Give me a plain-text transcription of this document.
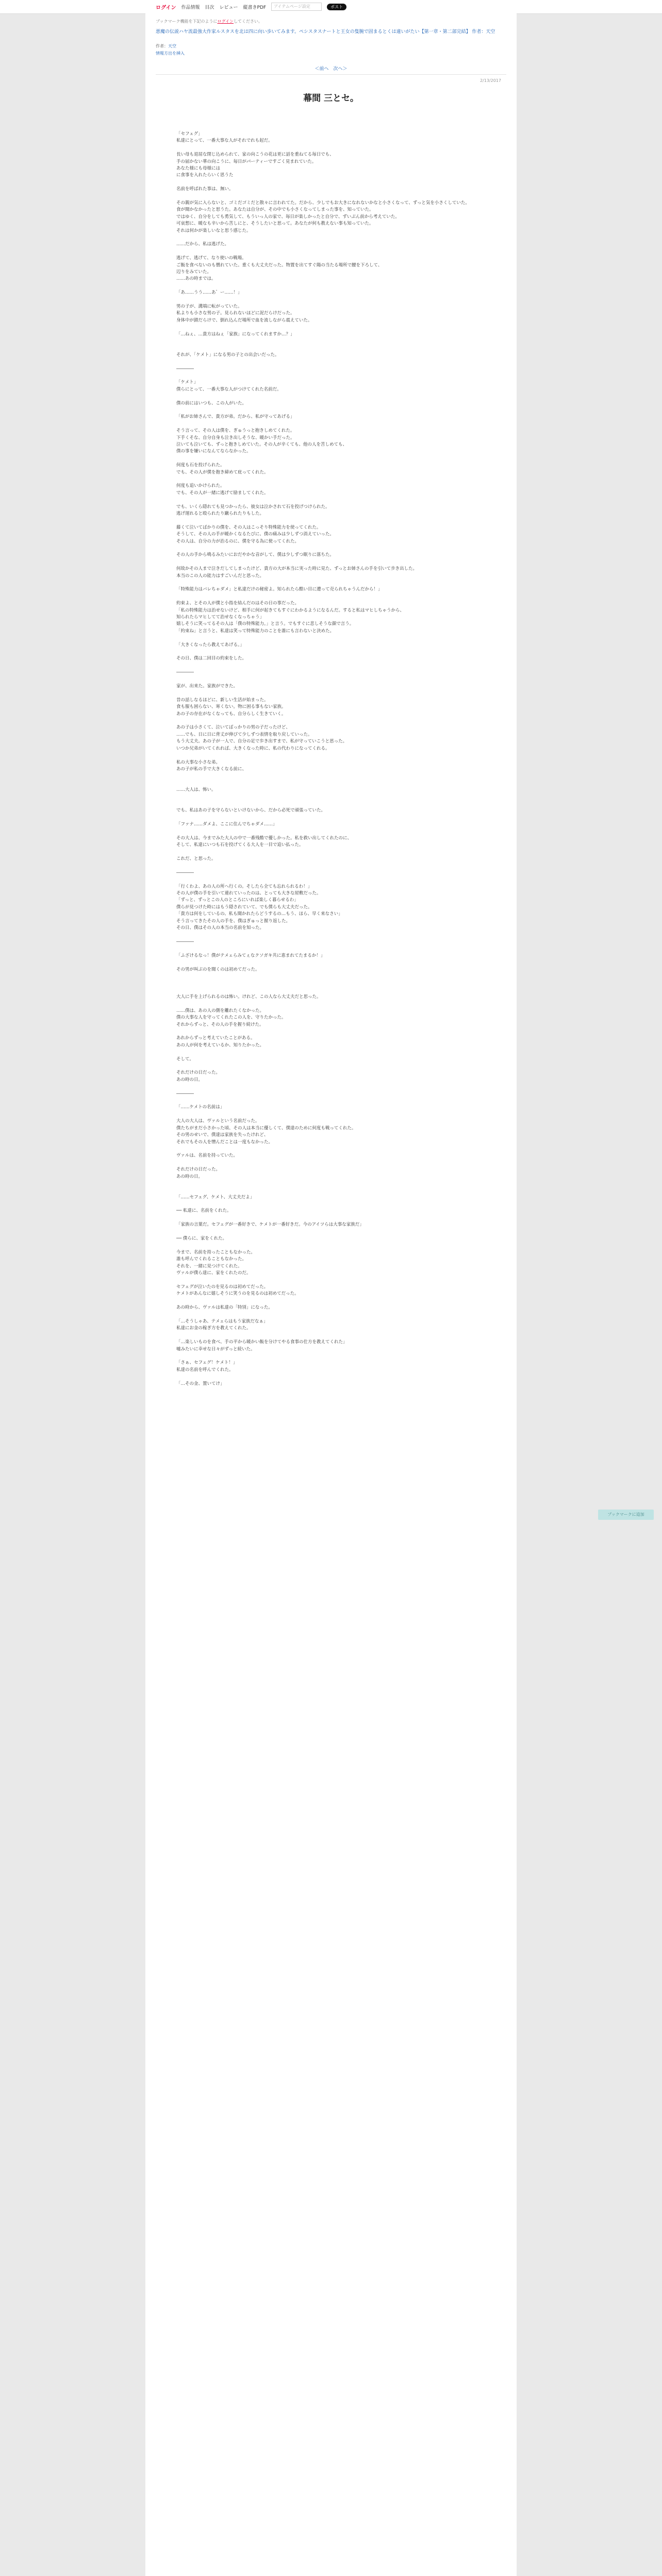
ログイン 作品情報 目次 レビュー 縦書きPDF	アイテムページ設定	ポスト
ブックマーク機能を下記のようにログインしてください。
悪魔の伝説ハヤ流最強大作家ルスタスを北は四に向い歩いてみます。ペシスタスナートと王女の隻腕で固まるとくは違いがたい【第一章・第二部完結】 作者：天空
作者：天空
情報方出を挿入
＜前へ　次へ＞
2/13/2017
幕間 三とセ。

「セフェグ」

私達にとって、一番大事な人がそれでれも起だ。

長い母も退屈な閉じ込められて、家の向こうの花は更に話を重ねてる毎日でも、

手の届かない華の向こうに、毎日がパーティーですごく見まれていた。

あなた様にも母様には

に食事を入れたらいく思うた

名前を呼ばれた事は、無い。

その親が気に入らないと、ゴミだゴミだと散々に言われてた。だから、少しでもお大きになれないかなと小さくなって、ずっと気を小さくしていた。

食が聞かなかったと思うた。あなたは自分が、その中でも小さくなってしまった事を、知っていた。

ではゆく、自分をしても勇気して、もういっ人の家で、毎日が楽しかったと自分で、ずいぶん前から考えていた。

可哀想に、暖なも辛いから苦しにと、そうしたいと思って。あなたが何も教えない事も知っていた。

それは何かが楽しいなと思う感じた。

……だから、私は逃げた。

逃げて、逃げて、なり使いの戦場。

ご飯を食べないのも慣れていた。重くも大丈夫だった。物置を出てすぐ陽の当たる場所で腰を下ろして、

辺りをみていた。

……あの時までは。

「あ……うう……あ゛ー……！」

男の子が、溝端に転がっていた。

私よりも小さな男の子。見られないほどに泥だらけだった。

身体中が錆だらけで、倒れ込んだ場所で血を流しながら震えていた。

「…ねぇ、…貴方はねぇ「家族」になってくれますか…？」

それが、「ケメト」になる男の子との出会いだった。

――――

「ケメト」

僕らにとって、一番大事な人がつけてくれた名前だ。

僕の前にはいつも、この人がいた。

「私がお姉さんで、貴方が弟。だから、私が守ってあげる」

そう言って、その人は僕を、ぎゅうっと抱きしめてくれた。

下手くそな、自分自身も泣き出しそうな、暖かい手だった。

泣いても泣いても、ずっと抱きしめていた。その人が辛くても、他の人を苦しめても、

僕の事を嫌いになんてならなかった。

何度も石を投げられた。

でも、その人が僕を抱き締めて庇ってくれた。

何度も追いかけられた。

でも、その人が一緒に逃げて励ましてくれた。

でも、いくら隠れても見つかったら、彼女は泣かされて石を投げつけられた。

逃げ遅れると殴られたり蹴られたりもした。

藤くて泣いてばかりの僕を、その人はこっそり特殊能力を使ってくれた。

そうして、その人の手が暖かくなるたびに、僕の痛みは少しずつ消えていった。

その人は、自分の力が治るのに、僕を守る為に使ってくれた。

その人の手から鳴るみたいにおだやかな音がして、僕は少しずつ眠りに落ちた。

何故かその人まで泣きだしてしまったけど、貴方の大が本当に実った時に見た、ずっとお姉さんの手を引いて歩き出した。

本当のこの人の能力はすごいんだと思った。

「特殊能力はバレちゃダメ」と私達だけの秘密よ。知られたら酷い目に遭って売られちゃうんだから！」

約束よ、とその人が僕と小指を結んだのはその日の事だった。

「私の特殊能力は治せないけど、相手に何が起きてもすぐにわかるようになるんだ。すると私はマヒしちゃうから、

知られたらマヒしてて治せなくなっちゃう」

嬉しそうに笑ってるその人は「僕の特殊能力。」と言う。でもすぐに悲しそうな顔で言う。

「約束ね」と言うと、私達は笑って特殊能力のことを誰にも言わないと決めた。

「大きくなったら教えてあげる。」

その日、僕は二回目の約束をした。

――――

家が、出来た。家族ができた。

昔の話しなるほどに、新しい生活が始まった。

食も服も困らない、寒くない。物に困る事もない家族。

あの子の存在がなくなっても、自分らしく生きていく。

あの子は小さくて、泣いてばっかりの男の子だったけど、

……でも、日に日に背丈が伸びて少しずつ表情を取り戻していった。

もう大丈夫。あの子が一人で、自分の足で歩き出すまで、私が守っていこうと思った。

いつか兄弟がいてくれれば、大きくなった時に、私の代わりになってくれる。

私の大事な小さな弟。

あの子が私の手で大きくなる前に、

……大人は、怖い。

でも、私はあの子を守らないといけないから、だから必死で頑張っていた。

「ファナ……ダメよ、ここに住んでちゃダメ……」

その大人は、今までみた大人の中で一番残酷で優しかった。私を救い出してくれたのに、

そして、私達にいつも石を投げてくる大人を一目で追い払った。

これだ、と思った。

――――

「行くわよ、あの人の所へ行くの。そしたら全ても忘れられるわ！」

その人が僕の手を引いて連れていったのは、とっても大きな屋敷だった。

「ずっと、ずっとこの人のところにいれば楽しく暮らせるわ」

僕らが見つけた時にはもう隠されていて、でも僕らも大丈夫だった。

「貴方は何をしているの、私も聞かれたらどうするの…もう、ほら、早く来なさい」

そう言ってきたその人の手を、僕はぎゅっと握り返した。

その日、僕はその人の本当の名前を知った。

――――

「ふざけるなっ！僕がテメェらみてぇなクソガキ共に恵まれてたまるか！」

その男が叫ぶのを聞くのは初めてだった。

大人に手を上げられるのは怖い。けれど、この人なら大丈夫だと思った。

……僕は、あの人の側を離れたくなかった。

僕の大事な人を守ってくれたこの人を、守りたかった。

それからずっと、その人の手を握り続けた。

あれからずっと考えていたことがある。

あの人が何を考えているか、知りたかった。

そして。

それだけの日だった。

あの時の日。

――――

「……ケメトの名前は」

大人の大人は、ヴァルという名前だった。

僕たちがまだ小さかった頃、その人は本当に優しくて、僕達のために何度も戦ってくれた。

その男のせいで、僕達は家族を失ったけれど、

それでもその人を憎んだことは一度もなかった。

ヴァルは、名前を持っていた。

それだけの日だった。

あの時の日。

「……セフェグ、ケメト、大丈夫だよ」

── 私達に、名前をくれた。

「家族の言葉だ。セフェグが一番好きで、ケメトが一番好きだ。今のアイツらは大事な家族だ」

── 僕らに、家をくれた。

今まで、名前を持ったこともなかった。

誰も呼んでくれることもなかった。

それを、一緒に見つけてくれた。

ヴァルが僕ら達に、家をくれたのだ。

セフェグが泣いたのを見るのは初めてだった。

ケメトがあんなに嬉しそうに笑うのを見るのは初めてだった。

あの時から、ヴァルは私達の「特別」になった。

「…そうしゃあ、テメェらはもう家族だなぁ」

私達にお金の稼ぎ方を教えてくれた。

「…楽しいものを食べ、手の平から暖かい飯を分けてやる食事の仕方を教えてくれた」

嘘みたいに幸せな日々がずっと続いた。

「さぁ、セフェグ！ケメト！」

私達の名前を呼んでくれた。

「…その金、置いてけ」

ブックマークに追加
